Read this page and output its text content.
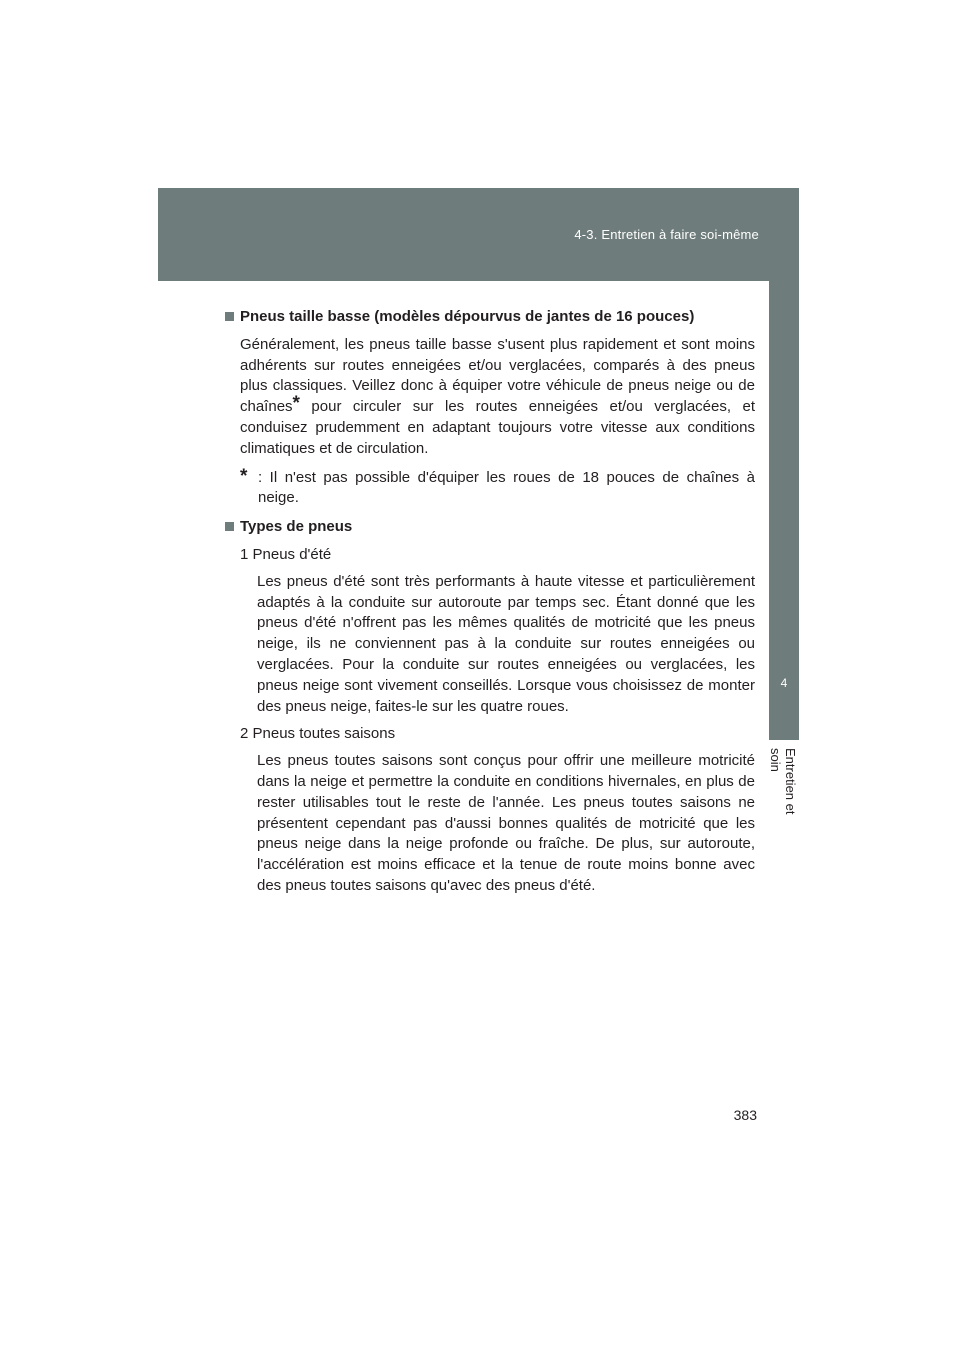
4-3. Entretien à faire soi-même
4
Entretien et soin
Pneus taille basse (modèles dépourvus de jantes de 16 pouces)
Généralement, les pneus taille basse s'usent plus rapidement et sont moins adhérents sur routes enneigées et/ou verglacées, comparés à des pneus plus classiques. Veillez donc à équiper votre véhicule de pneus neige ou de chaînes* pour circuler sur les routes enneigées et/ou verglacées, et conduisez prudemment en adaptant toujours votre vitesse aux conditions climatiques et de circulation.
* : Il n'est pas possible d'équiper les roues de 18 pouces de chaînes à neige.
Types de pneus
1 Pneus d'été
Les pneus d'été sont très performants à haute vitesse et particulièrement adaptés à la conduite sur autoroute par temps sec. Étant donné que les pneus d'été n'offrent pas les mêmes qualités de motricité que les pneus neige, ils ne conviennent pas à la conduite sur routes enneigées ou verglacées. Pour la conduite sur routes enneigées ou verglacées, les pneus neige sont vivement conseillés. Lorsque vous choisissez de monter des pneus neige, faites-le sur les quatre roues.
2 Pneus toutes saisons
Les pneus toutes saisons sont conçus pour offrir une meilleure motricité dans la neige et permettre la conduite en conditions hivernales, en plus de rester utilisables tout le reste de l'année. Les pneus toutes saisons ne présentent cependant pas d'aussi bonnes qualités de motricité que les pneus neige dans la neige profonde ou fraîche. De plus, sur autoroute, l'accélération est moins efficace et la tenue de route moins bonne avec des pneus toutes saisons qu'avec des pneus d'été.
383
